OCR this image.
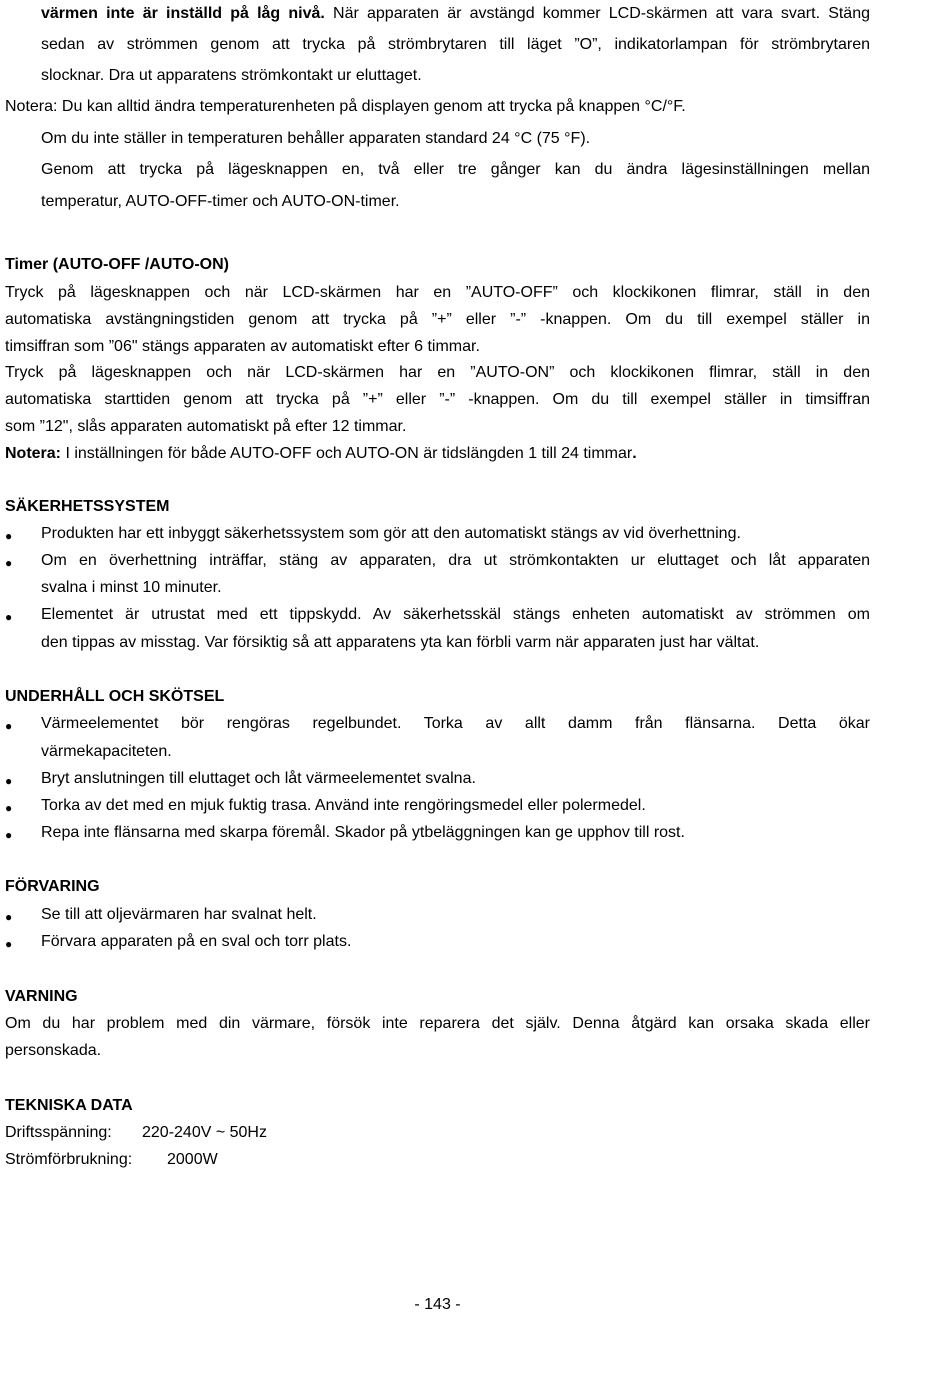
värmen inte är inställd på låg nivå. När apparaten är avstängd kommer LCD-skärmen att vara svart. Stäng
sedan av strömmen genom att trycka på strömbrytaren till läget ”O”, indikatorlampan för strömbrytaren
slocknar. Dra ut apparatens strömkontakt ur eluttaget.
Notera: Du kan alltid ändra temperaturenheten på displayen genom att trycka på knappen °C/°F.
Om du inte ställer in temperaturen behåller apparaten standard 24 °C (75 °F).
Genom att trycka på lägesknappen en, två eller tre gånger kan du ändra lägesinställningen mellan
temperatur, AUTO-OFF-timer och AUTO-ON-timer.
Timer (AUTO-OFF /AUTO-ON)
Tryck på lägesknappen och när LCD-skärmen har en ”AUTO-OFF” och klockikonen flimrar, ställ in den
automatiska avstängningstiden genom att trycka på ”+” eller ”-” -knappen. Om du till exempel ställer in
timsiffran som ”06" stängs apparaten av automatiskt efter 6 timmar.
Tryck på lägesknappen och när LCD-skärmen har en ”AUTO-ON” och klockikonen flimrar, ställ in den
automatiska starttiden genom att trycka på ”+” eller ”-” -knappen. Om du till exempel ställer in timsiffran
som ”12", slås apparaten automatiskt på efter 12 timmar.
Notera: I inställningen för både AUTO-OFF och AUTO-ON är tidslängden 1 till 24 timmar.
SÄKERHETSSYSTEM
● Produkten har ett inbyggt säkerhetssystem som gör att den automatiskt stängs av vid överhettning.
● Om en överhettning inträffar, stäng av apparaten, dra ut strömkontakten ur eluttaget och låt apparaten
svalna i minst 10 minuter.
● Elementet är utrustat med ett tippskydd. Av säkerhetsskäl stängs enheten automatiskt av strömmen om
den tippas av misstag. Var försiktig så att apparatens yta kan förbli varm när apparaten just har vältat.
UNDERHÅLL OCH SKÖTSEL
● Värmeelementet bör rengöras regelbundet. Torka av allt damm från flänsarna. Detta ökar
värmekapaciteten.
● Bryt anslutningen till eluttaget och låt värmeelementet svalna.
● Torka av det med en mjuk fuktig trasa. Använd inte rengöringsmedel eller polermedel.
● Repa inte flänsarna med skarpa föremål. Skador på ytbeläggningen kan ge upphov till rost.
FÖRVARING
● Se till att oljevärmaren har svalnat helt.
● Förvara apparaten på en sval och torr plats.
VARNING
Om du har problem med din värmare, försök inte reparera det själv. Denna åtgärd kan orsaka skada eller
personskada.
TEKNISKA DATA
Driftsspänning: 220-240V ~ 50Hz
Strömförbrukning: 2000W
- 143 -
